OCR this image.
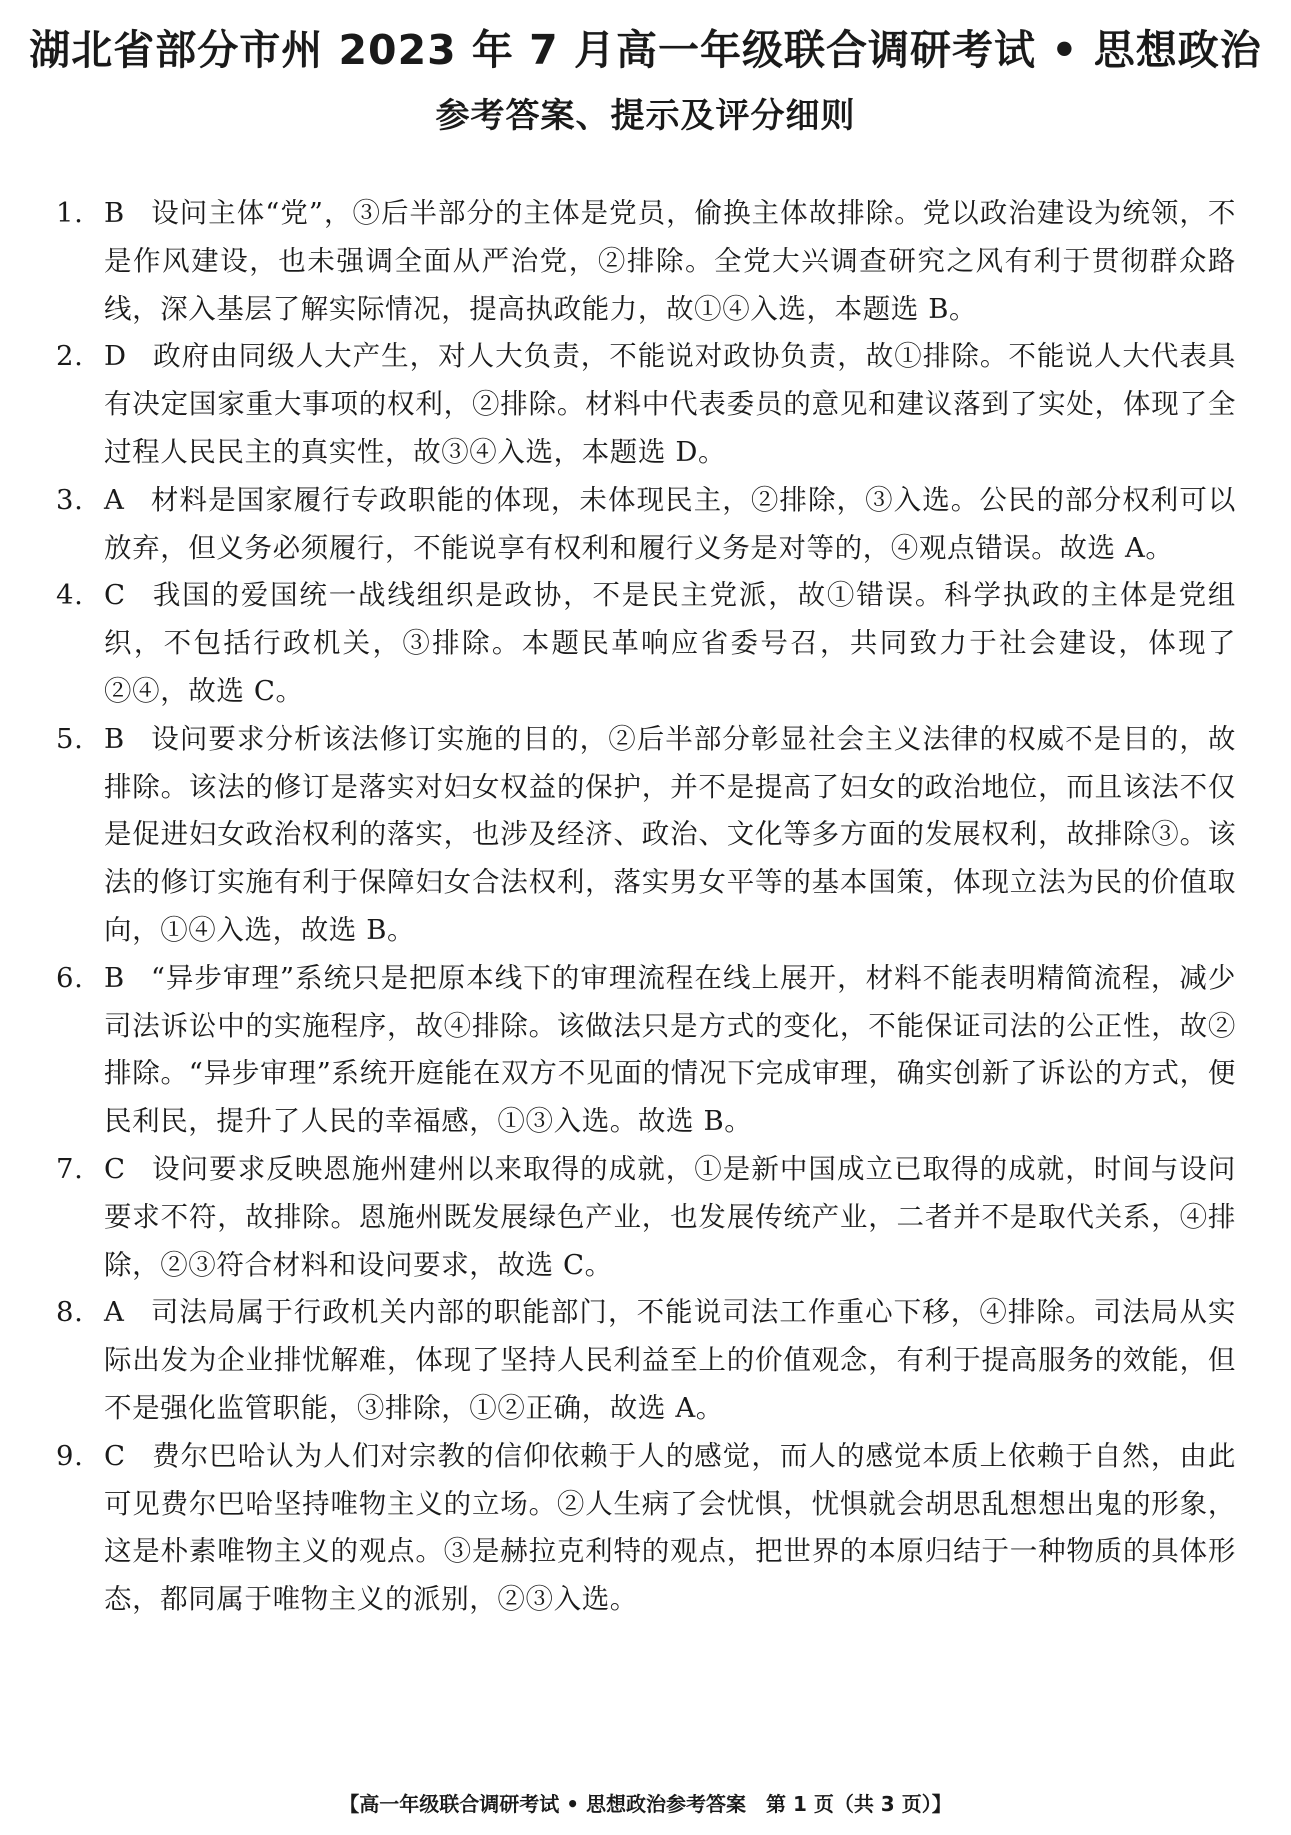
湖北省部分市州 2023 年 7 月高一年级联合调研考试 • 思想政治
参考答案、提示及评分细则
1. B 设问主体“党”，③后半部分的主体是党员，偷换主体故排除。党以政治建设为统领，不是作风建设，也未强调全面从严治党，②排除。全党大兴调查研究之风有利于贯彻群众路线，深入基层了解实际情况，提高执政能力，故①④入选，本题选 B。
2. D 政府由同级人大产生，对人大负责，不能说对政协负责，故①排除。不能说人大代表具有决定国家重大事项的权利，②排除。材料中代表委员的意见和建议落到了实处，体现了全过程人民民主的真实性，故③④入选，本题选 D。
3. A 材料是国家履行专政职能的体现，未体现民主，②排除，③入选。公民的部分权利可以放弃，但义务必须履行，不能说享有权利和履行义务是对等的，④观点错误。故选 A。
4. C 我国的爱国统一战线组织是政协，不是民主党派，故①错误。科学执政的主体是党组织，不包括行政机关，③排除。本题民革响应省委号召，共同致力于社会建设，体现了②④，故选 C。
5. B 设问要求分析该法修订实施的目的，②后半部分彰显社会主义法律的权威不是目的，故排除。该法的修订是落实对妇女权益的保护，并不是提高了妇女的政治地位，而且该法不仅是促进妇女政治权利的落实，也涉及经济、政治、文化等多方面的发展权利，故排除③。该法的修订实施有利于保障妇女合法权利，落实男女平等的基本国策，体现立法为民的价值取向，①④入选，故选 B。
6. B “异步审理”系统只是把原本线下的审理流程在线上展开，材料不能表明精简流程，减少司法诉讼中的实施程序，故④排除。该做法只是方式的变化，不能保证司法的公正性，故②排除。“异步审理”系统开庭能在双方不见面的情况下完成审理，确实创新了诉讼的方式，便民利民，提升了人民的幸福感，①③入选。故选 B。
7. C 设问要求反映恩施州建州以来取得的成就，①是新中国成立已取得的成就，时间与设问要求不符，故排除。恩施州既发展绿色产业，也发展传统产业，二者并不是取代关系，④排除，②③符合材料和设问要求，故选 C。
8. A 司法局属于行政机关内部的职能部门，不能说司法工作重心下移，④排除。司法局从实际出发为企业排忧解难，体现了坚持人民利益至上的价值观念，有利于提高服务的效能，但不是强化监管职能，③排除，①②正确，故选 A。
9. C 费尔巴哈认为人们对宗教的信仰依赖于人的感觉，而人的感觉本质上依赖于自然，由此可见费尔巴哈坚持唯物主义的立场。②人生病了会忧惧，忧惧就会胡思乱想想出鬼的形象，这是朴素唯物主义的观点。③是赫拉克利特的观点，把世界的本原归结于一种物质的具体形态，都同属于唯物主义的派别，②③入选。
【高一年级联合调研考试 • 思想政治参考答案　第 1 页（共 3 页）】
